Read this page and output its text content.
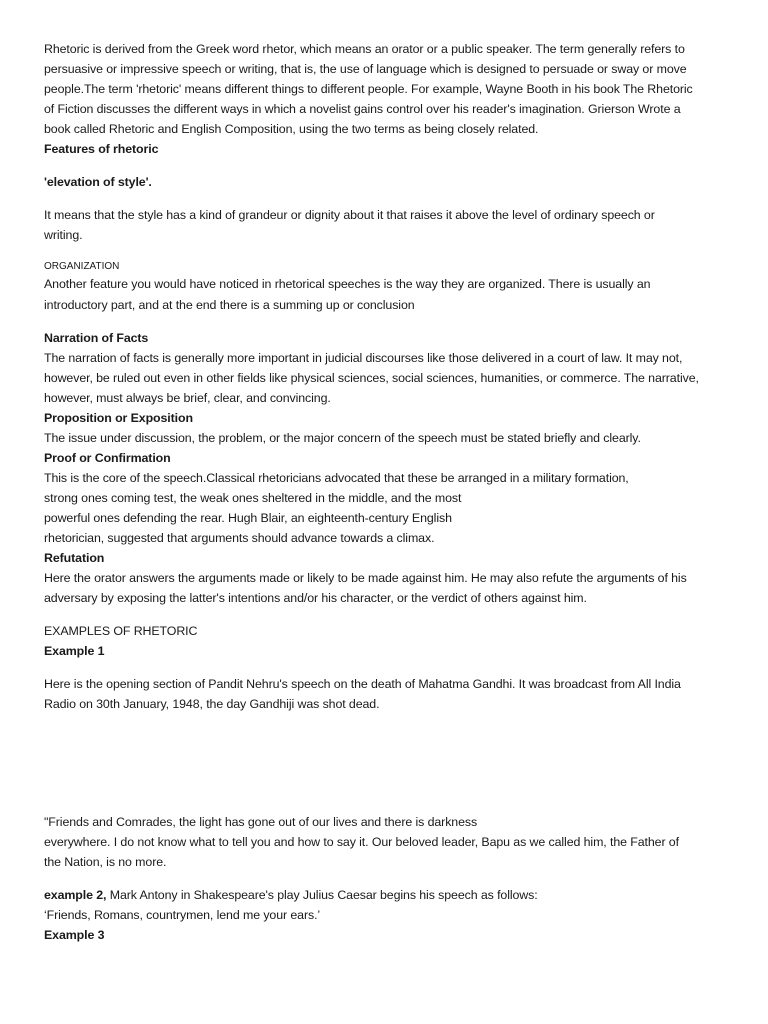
Rhetoric is derived from the Greek word rhetor, which means an orator or a public speaker. The term generally refers to
persuasive or impressive speech or writing, that is, the use of language which is designed to persuade or sway or move
people.The term 'rhetoric' means different things to different people. For example, Wayne Booth in his book The Rhetoric
of Fiction discusses the different ways in which a novelist gains control over his reader's imagination. Grierson Wrote a
book called Rhetoric and English Composition, using the two terms as being closely related.
Features of rhetoric
'elevation of style'.
It means that the style has a kind of grandeur or dignity about it that raises it above the level of ordinary speech or
writing.
ORGANIZATION
Another feature you would have noticed in rhetorical speeches is the way they are organized. There is usually an
introductory part, and at the end there is a summing up or conclusion
Narration of Facts
The narration of facts is generally more important in judicial discourses like those delivered in a court of law. It may not,
however, be ruled out even in other fields like physical sciences, social sciences, humanities, or commerce. The narrative,
however, must always be brief, clear, and convincing.
Proposition or Exposition
The issue under discussion, the problem, or the major concern of the speech must be stated briefly and clearly.
Proof or Confirmation
This is the core of the speech.Classical rhetoricians advocated that these be arranged in a military formation,
strong ones coming test, the weak ones sheltered in the middle, and the most
powerful ones defending the rear. Hugh Blair, an eighteenth-century English
rhetorician, suggested that arguments should advance towards a climax.
Refutation
Here the orator answers the arguments made or likely to be made against him. He may also refute the arguments of his
adversary by exposing the latter's intentions and/or his character, or the verdict of others against him.
EXAMPLES OF RHETORIC
Example 1
Here is the opening section of Pandit Nehru's speech on the death of Mahatma Gandhi. It was broadcast from All India
Radio on 30th January, 1948, the day Gandhiji was shot dead.
"Friends and Comrades, the light has gone out of our lives and there is darkness
everywhere. I do not know what to tell you and how to say it. Our beloved leader, Bapu as we called him, the Father of
the Nation, is no more.
example 2, Mark Antony in Shakespeare's play Julius Caesar begins his speech as follows:
‘Friends, Romans, countrymen, lend me your ears.’
Example 3
